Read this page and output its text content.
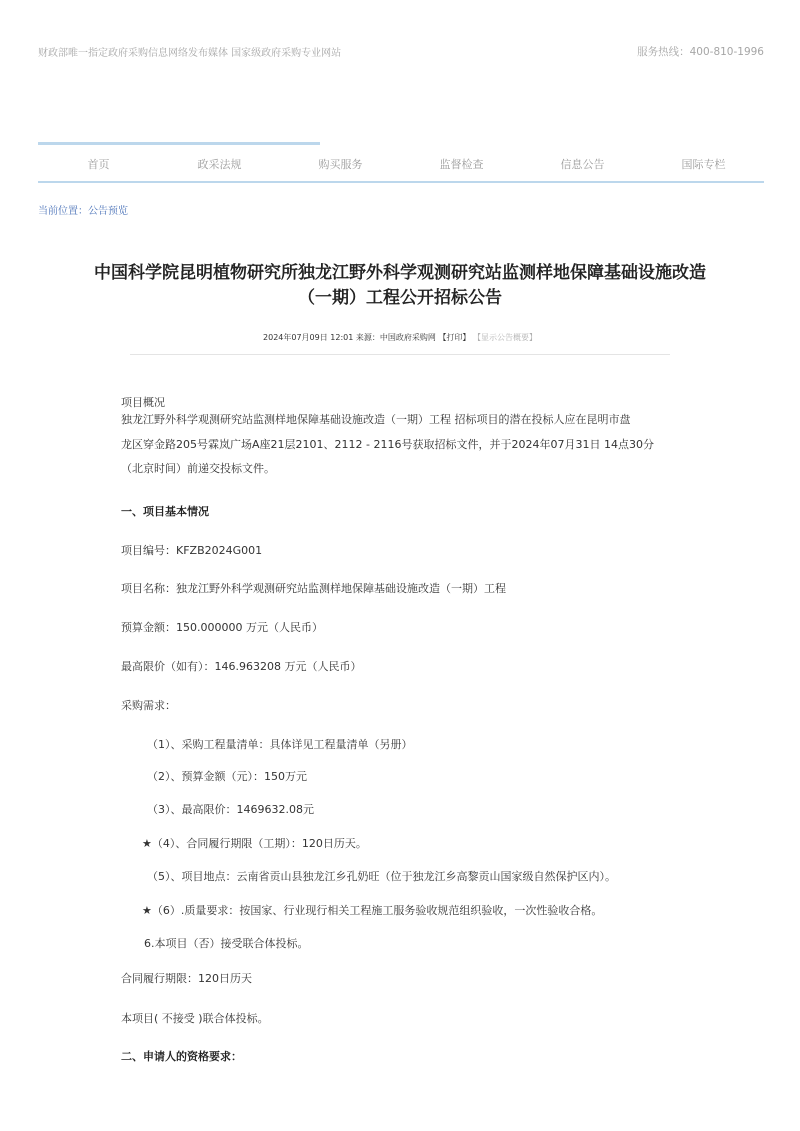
财政部唯一指定政府采购信息网络发布媒体 国家级政府采购专业网站	服务热线：400-810-1996
首页	政采法规	购买服务	监督检查	信息公告	国际专栏
当前位置：公告预览
中国科学院昆明植物研究所独龙江野外科学观测研究站监测样地保障基础设施改造
（一期）工程公开招标公告
2024年07月09日 12:01 来源：中国政府采购网 【打印】 【显示公告概要】
项目概况
独龙江野外科学观测研究站监测样地保障基础设施改造（一期）工程 招标项目的潜在投标人应在昆明市盘
龙区穿金路205号霖岚广场A座21层2101、2112 - 2116号获取招标文件，并于2024年07月31日 14点30分
（北京时间）前递交投标文件。
一、项目基本情况
项目编号：KFZB2024G001
项目名称：独龙江野外科学观测研究站监测样地保障基础设施改造（一期）工程
预算金额：150.000000 万元（人民币）
最高限价（如有）：146.963208 万元（人民币）
采购需求：
（1）、采购工程量清单：具体详见工程量清单（另册）
（2）、预算金额（元）：150万元
（3）、最高限价：1469632.08元
★（4）、合同履行期限（工期）：120日历天。
（5）、项目地点：云南省贡山县独龙江乡孔奶旺（位于独龙江乡高黎贡山国家级自然保护区内）。
★（6）.质量要求：按国家、行业现行相关工程施工服务验收规范组织验收，一次性验收合格。
6.本项目（否）接受联合体投标。
合同履行期限：120日历天
本项目( 不接受 )联合体投标。
二、申请人的资格要求：
